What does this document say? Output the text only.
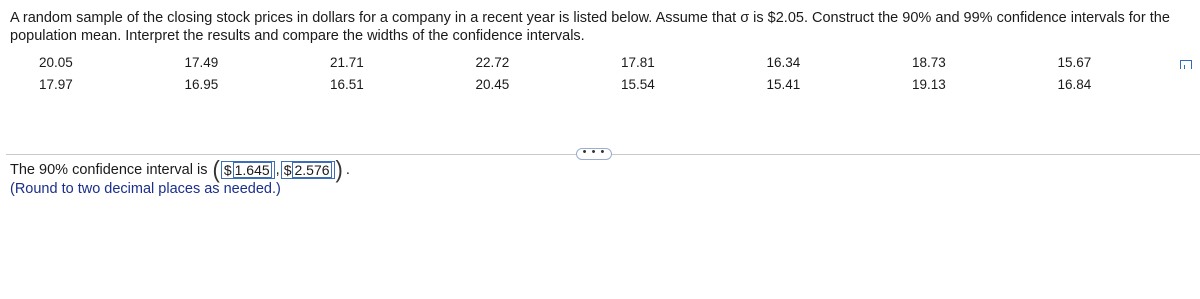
A random sample of the closing stock prices in dollars for a company in a recent year is listed below. Assume that σ is $2.05. Construct the 90% and 99% confidence intervals for the population mean. Interpret the results and compare the widths of the confidence intervals.
20.05	17.49	21.71	22.72	17.81	16.34	18.73	15.67
17.97	16.95	16.51	20.45	15.54	15.41	19.13	16.84
• • •
The 90% confidence interval is ( $ 1.645 , $ 2.576 ) .
(Round to two decimal places as needed.)
